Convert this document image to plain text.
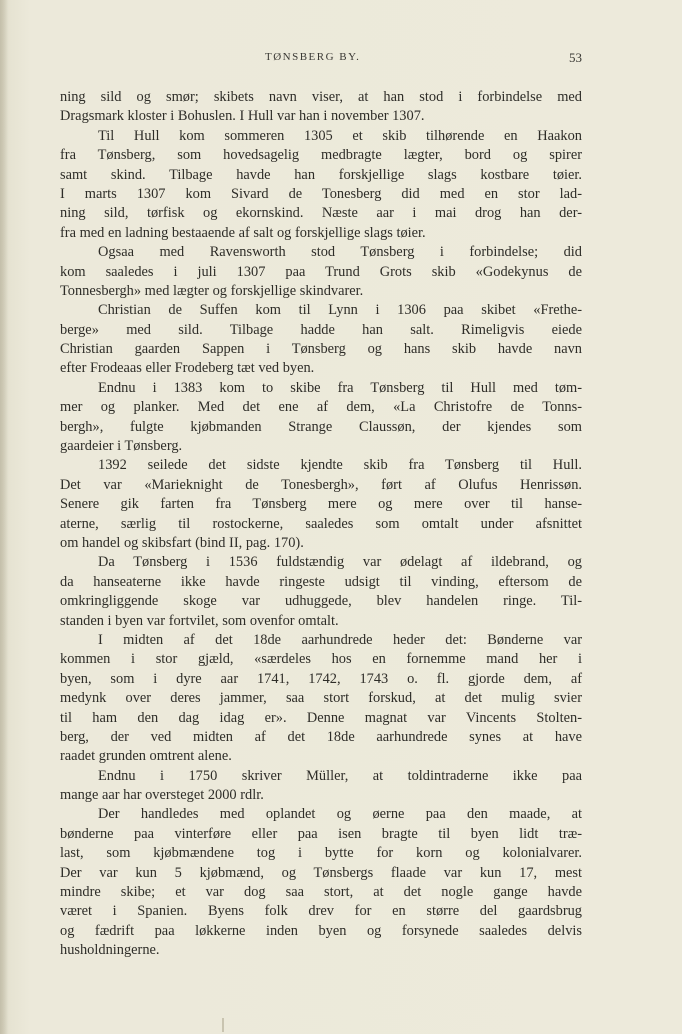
TØNSBERG BY.	53
ning sild og smør; skibets navn viser, at han stod i forbindelse med
Dragsmark kloster i Bohuslen. I Hull var han i november 1307.
Til Hull kom sommeren 1305 et skib tilhørende en Haakon
fra Tønsberg, som hovedsagelig medbragte lægter, bord og spirer
samt skind. Tilbage havde han forskjellige slags kostbare tøier.
I marts 1307 kom Sivard de Tonesberg did med en stor lad-
ning sild, tørfisk og ekornskind. Næste aar i mai drog han der-
fra med en ladning bestaaende af salt og forskjellige slags tøier.
Ogsaa med Ravensworth stod Tønsberg i forbindelse; did
kom saaledes i juli 1307 paa Trund Grots skib «Godekynus de
Tonnesbergh» med lægter og forskjellige skindvarer.
Christian de Suffen kom til Lynn i 1306 paa skibet «Frethe-
berge» med sild. Tilbage hadde han salt. Rimeligvis eiede
Christian gaarden Sappen i Tønsberg og hans skib havde navn
efter Frodeaas eller Frodeberg tæt ved byen.
Endnu i 1383 kom to skibe fra Tønsberg til Hull med tøm-
mer og planker. Med det ene af dem, «La Christofre de Tonns-
bergh», fulgte kjøbmanden Strange Claussøn, der kjendes som
gaardeier i Tønsberg.
1392 seilede det sidste kjendte skib fra Tønsberg til Hull.
Det var «Marieknight de Tonesbergh», ført af Olufus Henrissøn.
Senere gik farten fra Tønsberg mere og mere over til hanse-
aterne, særlig til rostockerne, saaledes som omtalt under afsnittet
om handel og skibsfart (bind II, pag. 170).
Da Tønsberg i 1536 fuldstændig var ødelagt af ildebrand, og
da hanseaterne ikke havde ringeste udsigt til vinding, eftersom de
omkringliggende skoge var udhuggede, blev handelen ringe. Til-
standen i byen var fortvilet, som ovenfor omtalt.
I midten af det 18de aarhundrede heder det: Bønderne var
kommen i stor gjæld, «særdeles hos en fornemme mand her i
byen, som i dyre aar 1741, 1742, 1743 o. fl. gjorde dem, af
medynk over deres jammer, saa stort forskud, at det mulig svier
til ham den dag idag er». Denne magnat var Vincents Stolten-
berg, der ved midten af det 18de aarhundrede synes at have
raadet grunden omtrent alene.
Endnu i 1750 skriver Müller, at toldintraderne ikke paa
mange aar har oversteget 2000 rdlr.
Der handledes med oplandet og øerne paa den maade, at
bønderne paa vinterføre eller paa isen bragte til byen lidt træ-
last, som kjøbmændene tog i bytte for korn og kolonialvarer.
Der var kun 5 kjøbmænd, og Tønsbergs flaade var kun 17, mest
mindre skibe; et var dog saa stort, at det nogle gange havde
været i Spanien. Byens folk drev for en større del gaardsbrug
og fædrift paa løkkerne inden byen og forsynede saaledes delvis
husholdningerne.
